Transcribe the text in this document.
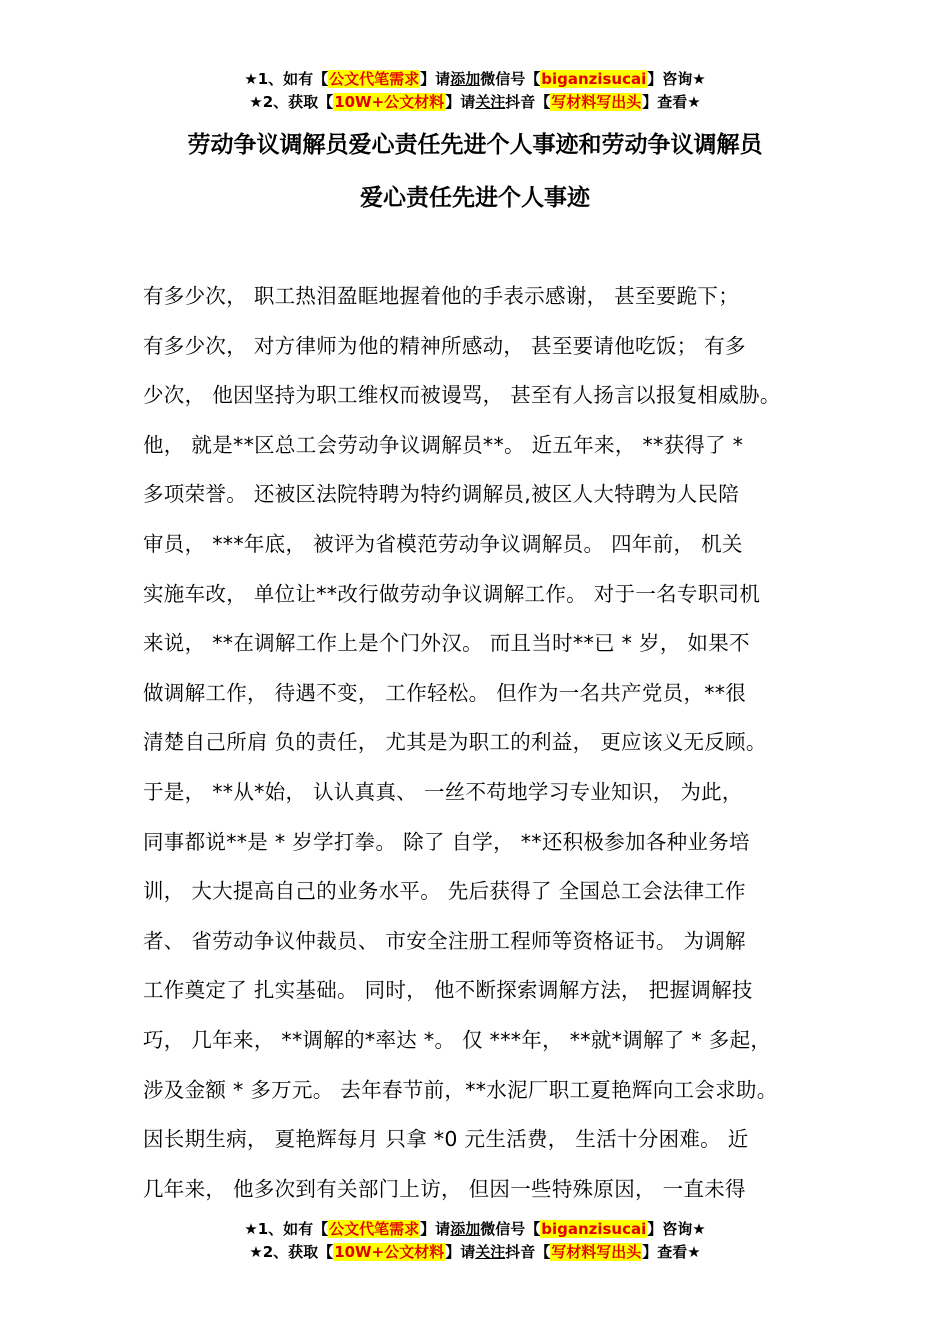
★1、如有【公文代笔需求】请添加微信号【biganzisucai】咨询★
★2、获取【10W+公文材料】请关注抖音【写材料写出头】查看★
劳动争议调解员爱心责任先进个人事迹和劳动争议调解员
爱心责任先进个人事迹
有多少次， 职工热泪盈眶地握着他的手表示感谢， 甚至要跪下；
有多少次， 对方律师为他的精神所感动， 甚至要请他吃饭； 有多
少次， 他因坚持为职工维权而被谩骂， 甚至有人扬言以报复相威胁。
他， 就是**区总工会劳动争议调解员**。 近五年来， **获得了 *
多项荣誉。 还被区法院特聘为特约调解员,被区人大特聘为人民陪
审员， ***年底， 被评为省模范劳动争议调解员。 四年前， 机关
实施车改， 单位让**改行做劳动争议调解工作。 对于一名专职司机
来说， **在调解工作上是个门外汉。 而且当时**已 * 岁， 如果不
做调解工作， 待遇不变， 工作轻松。 但作为一名共产党员，**很
清楚自己所肩 负的责任， 尤其是为职工的利益， 更应该义无反顾。
于是， **从*始， 认认真真、 一丝不苟地学习专业知识， 为此，
同事都说**是 * 岁学打拳。 除了 自学， **还积极参加各种业务培
训， 大大提高自己的业务水平。 先后获得了 全国总工会法律工作
者、 省劳动争议仲裁员、 市安全注册工程师等资格证书。 为调解
工作奠定了 扎实基础。 同时， 他不断探索调解方法， 把握调解技
巧， 几年来， **调解的*率达 *。 仅 ***年， **就*调解了 * 多起，
涉及金额 * 多万元。 去年春节前，**水泥厂职工夏艳辉向工会求助。
因长期生病， 夏艳辉每月 只拿 *0 元生活费， 生活十分困难。 近
几年来， 他多次到有关部门上访， 但因一些特殊原因， 一直未得
★1、如有【公文代笔需求】请添加微信号【biganzisucai】咨询★
★2、获取【10W+公文材料】请关注抖音【写材料写出头】查看★
